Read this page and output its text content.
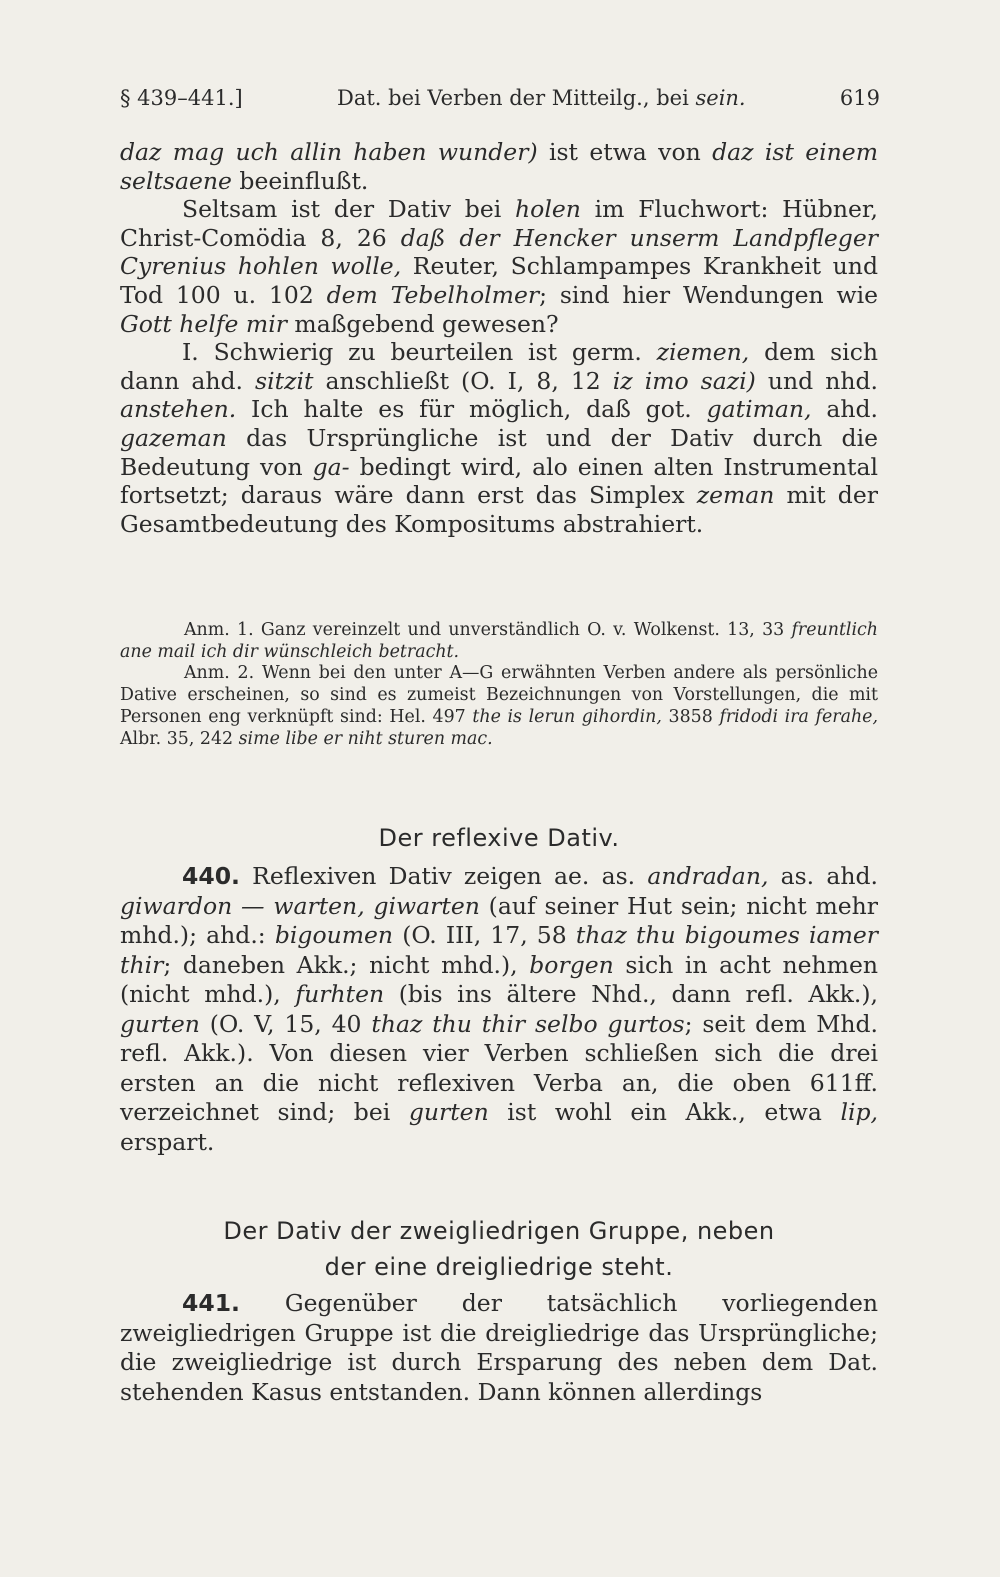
§ 439–441.]	Dat. bei Verben der Mitteilg., bei sein.	619

daz mag uch allin haben wunder) ist etwa von daz ist einem seltsaene beeinflußt.

Seltsam ist der Dativ bei holen im Fluchwort: Hübner, Christ-Comödia 8, 26 daß der Hencker unserm Landpfleger Cyrenius hohlen wolle, Reuter, Schlampampes Krankheit und Tod 100 u. 102 dem Tebelholmer; sind hier Wendungen wie Gott helfe mir maßgebend gewesen?

I. Schwierig zu beurteilen ist germ. ziemen, dem sich dann ahd. sitzit anschließt (O. I, 8, 12 iz imo sazi) und nhd. anstehen. Ich halte es für möglich, daß got. gatiman, ahd. gazeman das Ursprüngliche ist und der Dativ durch die Bedeutung von ga- bedingt wird, alo einen alten Instrumental fortsetzt; daraus wäre dann erst das Simplex zeman mit der Gesamtbedeutung des Kompositums abstrahiert.

Anm. 1. Ganz vereinzelt und unverständlich O. v. Wolkenst. 13, 33 freuntlich ane mail ich dir wünschleich betracht.

Anm. 2. Wenn bei den unter A—G erwähnten Verben andere als persönliche Dative erscheinen, so sind es zumeist Bezeichnungen von Vorstellungen, die mit Personen eng verknüpft sind: Hel. 497 the is lerun gihordin, 3858 fridodi ira ferahe, Albr. 35, 242 sime libe er niht sturen mac.

Der reflexive Dativ.

440. Reflexiven Dativ zeigen ae. as. andradan, as. ahd. giwardon — warten, giwarten (auf seiner Hut sein; nicht mehr mhd.); ahd.: bigoumen (O. III, 17, 58 thaz thu bigoumes iamer thir; daneben Akk.; nicht mhd.), borgen sich in acht nehmen (nicht mhd.), furhten (bis ins ältere Nhd., dann refl. Akk.), gurten (O. V, 15, 40 thaz thu thir selbo gurtos; seit dem Mhd. refl. Akk.). Von diesen vier Verben schließen sich die drei ersten an die nicht reflexiven Verba an, die oben 611ff. verzeichnet sind; bei gurten ist wohl ein Akk., etwa lip, erspart.

Der Dativ der zweigliedrigen Gruppe, neben
der eine dreigliedrige steht.

441. Gegenüber der tatsächlich vorliegenden zweigliedrigen Gruppe ist die dreigliedrige das Ursprüngliche; die zweigliedrige ist durch Ersparung des neben dem Dat. stehenden Kasus entstanden. Dann können allerdings
